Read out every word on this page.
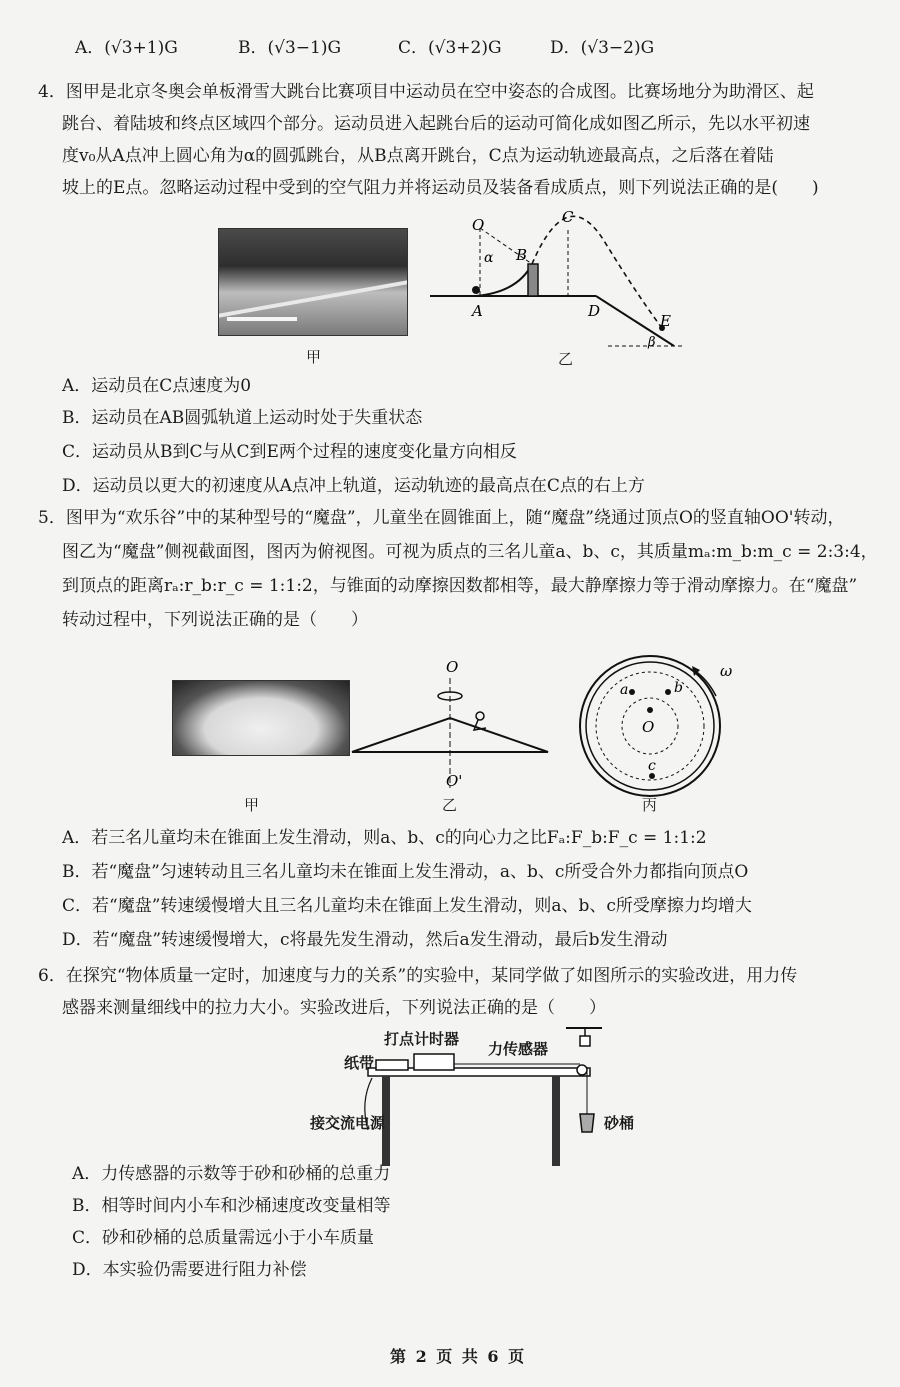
A．(√3+1)G	B．(√3−1)G	C．(√3+2)G	D．(√3−2)G
4．图甲是北京冬奥会单板滑雪大跳台比赛项目中运动员在空中姿态的合成图。比赛场地分为助滑区、起
跳台、着陆坡和终点区域四个部分。运动员进入起跳台后的运动可简化成如图乙所示，先以水平初速
度v₀从A点冲上圆心角为α的圆弧跳台，从B点离开跳台，C点为运动轨迹最高点，之后落在着陆
坡上的E点。忽略运动过程中受到的空气阻力并将运动员及装备看成质点，则下列说法正确的是(　　)
甲
O
α B
C
A	D
E
β
乙
A．运动员在C点速度为0
B．运动员在AB圆弧轨道上运动时处于失重状态
C．运动员从B到C与从C到E两个过程的速度变化量方向相反
D．运动员以更大的初速度从A点冲上轨道，运动轨迹的最高点在C点的右上方
5．图甲为“欢乐谷”中的某种型号的“魔盘”，儿童坐在圆锥面上，随“魔盘”绕通过顶点O的竖直轴OO'转动，
图乙为“魔盘”侧视截面图，图丙为俯视图。可视为质点的三名儿童a、b、c，其质量mₐ:m_b:m_c = 2:3:4，
到顶点的距离rₐ:r_b:r_c = 1:1:2，与锥面的动摩擦因数都相等，最大静摩擦力等于滑动摩擦力。在“魔盘”
转动过程中，下列说法正确的是（　　）
甲
O
O'
乙
O
a	b
c
ω
丙
A．若三名儿童均未在锥面上发生滑动，则a、b、c的向心力之比Fₐ:F_b:F_c = 1:1:2
B．若“魔盘”匀速转动且三名儿童均未在锥面上发生滑动，a、b、c所受合外力都指向顶点O
C．若“魔盘”转速缓慢增大且三名儿童均未在锥面上发生滑动，则a、b、c所受摩擦力均增大
D．若“魔盘”转速缓慢增大，c将最先发生滑动，然后a发生滑动，最后b发生滑动
6．在探究“物体质量一定时，加速度与力的关系”的实验中，某同学做了如图所示的实验改进，用力传
感器来测量细线中的拉力大小。实验改进后，下列说法正确的是（　　）
打点计时器
力传感器
纸带
接交流电源	砂桶
A．力传感器的示数等于砂和砂桶的总重力
B．相等时间内小车和沙桶速度改变量相等
C．砂和砂桶的总质量需远小于小车质量
D．本实验仍需要进行阻力补偿
第 2 页 共 6 页
